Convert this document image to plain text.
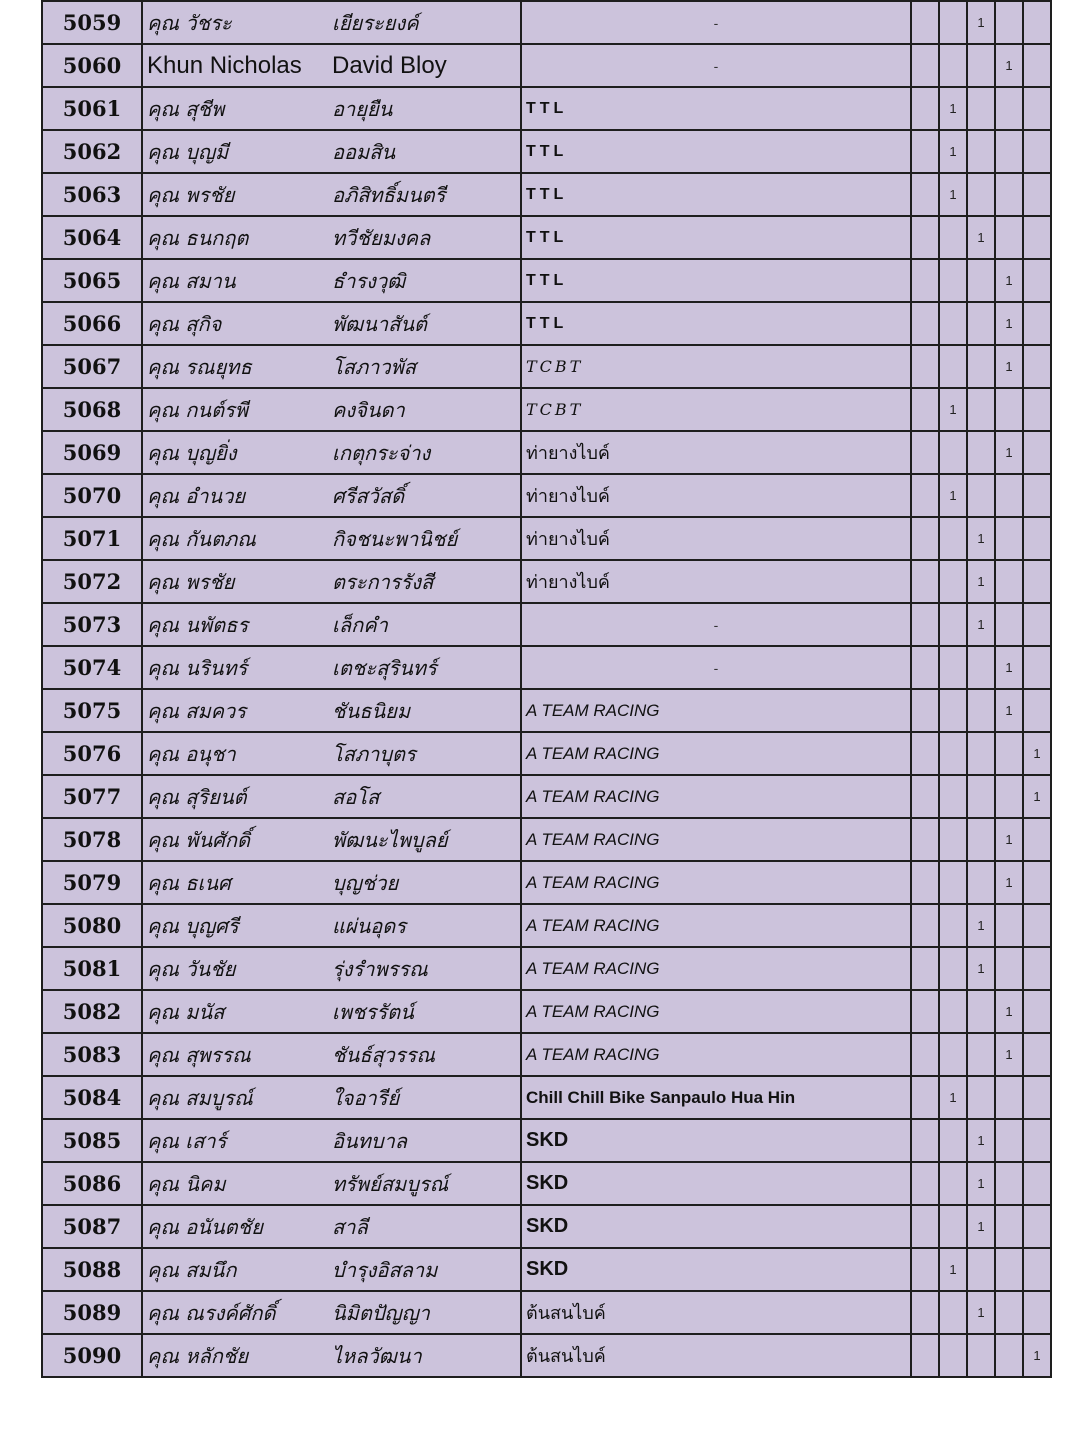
5059	คุณ วัชระ	เยียระยงค์	-			1		
5060	Khun Nicholas	David Bloy	-				1	
5061	คุณ สุชีพ	อายุยืน	TTL		1			
5062	คุณ บุญมี	ออมสิน	TTL		1			
5063	คุณ พรชัย	อภิสิทธิ์มนตรี	TTL		1			
5064	คุณ ธนกฤต	ทวีชัยมงคล	TTL			1		
5065	คุณ สมาน	ธำรงวุฒิ	TTL				1	
5066	คุณ สุกิจ	พัฒนาสันต์	TTL				1	
5067	คุณ รณยุทธ	โสภาวพัส	TCBT				1	
5068	คุณ กนต์รพี	คงจินดา	TCBT		1			
5069	คุณ บุญยิ่ง	เกตุกระจ่าง	ท่ายางไบค์				1	
5070	คุณ อำนวย	ศรีสวัสดิ์	ท่ายางไบค์		1			
5071	คุณ กันตภณ	กิจชนะพานิชย์	ท่ายางไบค์			1		
5072	คุณ พรชัย	ตระการรังสี	ท่ายางไบค์			1		
5073	คุณ นพัตธร	เล็กคำ	-			1		
5074	คุณ นรินทร์	เตชะสุรินทร์	-				1	
5075	คุณ สมควร	ชันธนิยม	A TEAM RACING				1	
5076	คุณ อนุชา	โสภาบุตร	A TEAM RACING					1
5077	คุณ สุริยนต์	สอโส	A TEAM RACING					1
5078	คุณ พันศักดิ์	พัฒนะไพบูลย์	A TEAM RACING				1	
5079	คุณ ธเนศ	บุญช่วย	A TEAM RACING				1	
5080	คุณ บุญศรี	แผ่นอุดร	A TEAM RACING			1		
5081	คุณ วันชัย	รุ่งรำพรรณ	A TEAM RACING			1		
5082	คุณ มนัส	เพชรรัตน์	A TEAM RACING				1	
5083	คุณ สุพรรณ	ชันธ์สุวรรณ	A TEAM RACING				1	
5084	คุณ สมบูรณ์	ใจอารีย์	Chill Chill Bike Sanpaulo Hua Hin		1			
5085	คุณ เสาร์	อินทบาล	SKD			1		
5086	คุณ นิคม	ทรัพย์สมบูรณ์	SKD			1		
5087	คุณ อนันตชัย	สาลี	SKD			1		
5088	คุณ สมนึก	บำรุงอิสลาม	SKD		1			
5089	คุณ ณรงค์ศักดิ์	นิมิตปัญญา	ต้นสนไบค์			1		
5090	คุณ หลักชัย	ไหลวัฒนา	ต้นสนไบค์					1
